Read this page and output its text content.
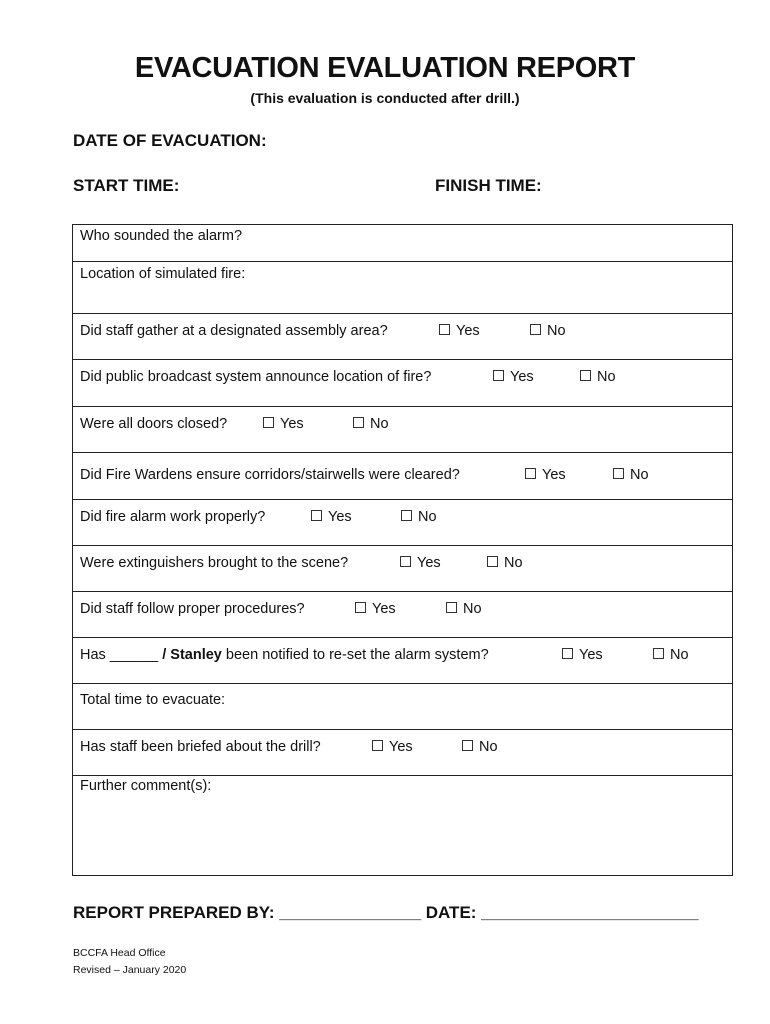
EVACUATION EVALUATION REPORT
(This evaluation is conducted after drill.)
DATE OF EVACUATION:
START TIME:	FINISH TIME:
Who sounded the alarm?
Location of simulated fire:
Did staff gather at a designated assembly area?	Yes	No
Did public broadcast system announce location of fire?	Yes	No
Were all doors closed?	Yes	No
Did Fire Wardens ensure corridors/stairwells were cleared?	Yes	No
Did fire alarm work properly?	Yes	No
Were extinguishers brought to the scene?	Yes	No
Did staff follow proper procedures?	Yes	No
Has ______ / Stanley been notified to re-set the alarm system?	Yes	No
Total time to evacuate:
Has staff been briefed about the drill?	Yes	No
Further comment(s):
REPORT PREPARED BY: _______________ DATE: _______________________
BCCFA Head Office
Revised – January 2020
